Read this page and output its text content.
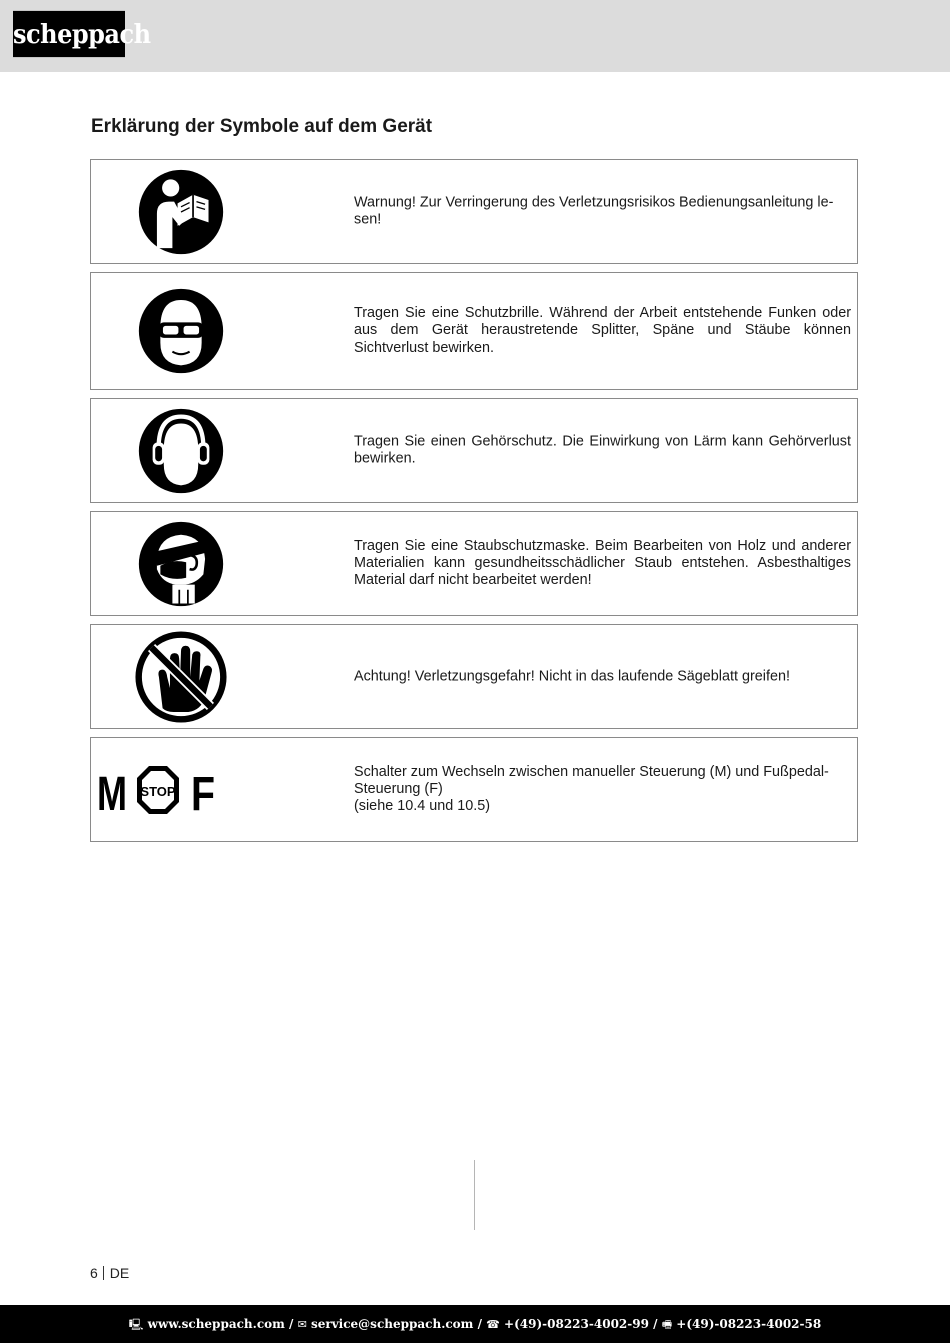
scheppach
Erklärung der Symbole auf dem Gerät
Warnung! Zur Verringerung des Verletzungsrisikos Bedienungsanleitung le-
sen!
Tragen Sie eine Schutzbrille. Während der Arbeit entstehende Funken oder aus dem Gerät heraustretende Splitter, Späne und Stäube können Sichtverlust bewirken.
Tragen Sie einen Gehörschutz. Die Einwirkung von Lärm kann Gehörverlust bewirken.
Tragen Sie eine Staubschutzmaske. Beim Bearbeiten von Holz und anderer Materialien kann gesundheitsschädlicher Staub entstehen. Asbesthaltiges Material darf nicht bearbeitet werden!
Achtung! Verletzungsgefahr! Nicht in das laufende Sägeblatt greifen!
M STOP F	Schalter zum Wechseln zwischen manueller Steuerung (M) und Fußpedal-
Steuerung (F)
(siehe 10.4 und 10.5)
6 DE
🖳 www.scheppach.com / ✉ service@scheppach.com / ☎ +(49)-08223-4002-99 / 🖷 +(49)-08223-4002-58
